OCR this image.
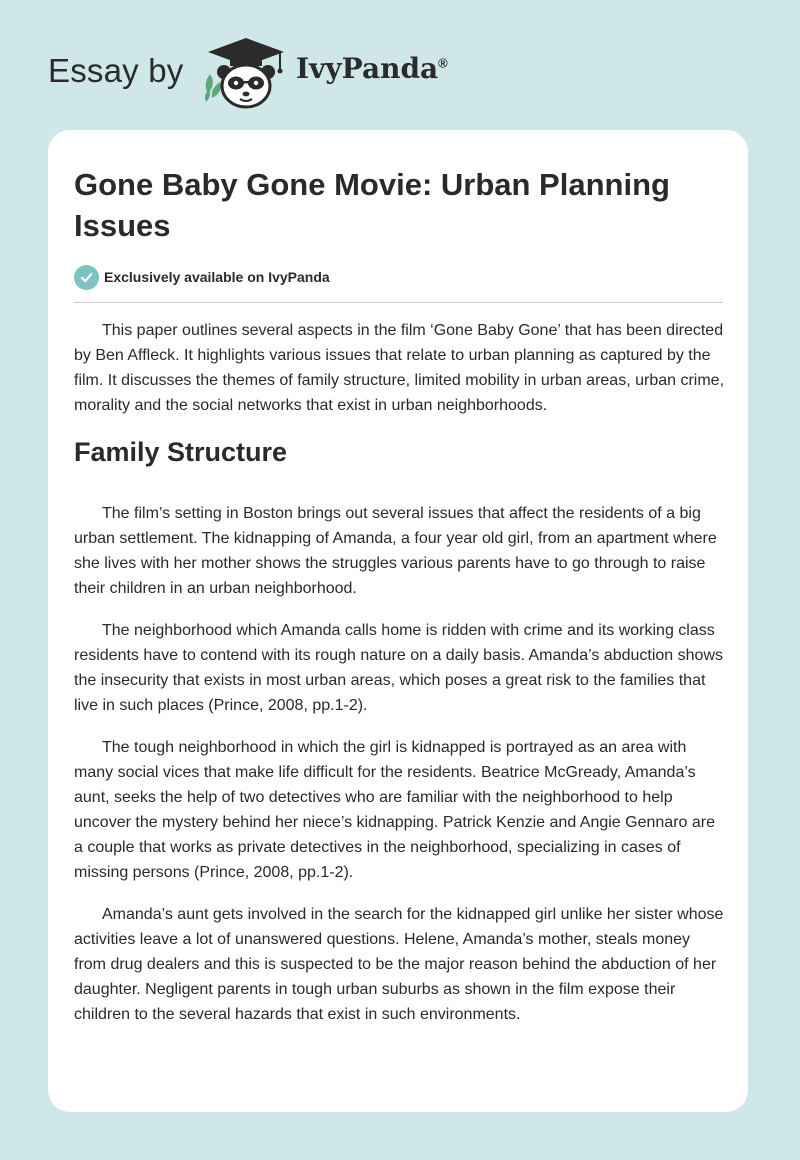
Essay by	IvyPanda®
Gone Baby Gone Movie: Urban Planning Issues
Exclusively available on IvyPanda

This paper outlines several aspects in the film ‘Gone Baby Gone’ that has been directed by Ben Affleck. It highlights various issues that relate to urban planning as captured by the film. It discusses the themes of family structure, limited mobility in urban areas, urban crime, morality and the social networks that exist in urban neighborhoods.

Family Structure

The film’s setting in Boston brings out several issues that affect the residents of a big urban settlement. The kidnapping of Amanda, a four year old girl, from an apartment where she lives with her mother shows the struggles various parents have to go through to raise their children in an urban neighborhood.

The neighborhood which Amanda calls home is ridden with crime and its working class residents have to contend with its rough nature on a daily basis. Amanda’s abduction shows the insecurity that exists in most urban areas, which poses a great risk to the families that live in such places (Prince, 2008, pp.1-2).

The tough neighborhood in which the girl is kidnapped is portrayed as an area with many social vices that make life difficult for the residents. Beatrice McGready, Amanda’s aunt, seeks the help of two detectives who are familiar with the neighborhood to help uncover the mystery behind her niece’s kidnapping. Patrick Kenzie and Angie Gennaro are a couple that works as private detectives in the neighborhood, specializing in cases of missing persons (Prince, 2008, pp.1-2).

Amanda’s aunt gets involved in the search for the kidnapped girl unlike her sister whose activities leave a lot of unanswered questions. Helene, Amanda’s mother, steals money from drug dealers and this is suspected to be the major reason behind the abduction of her daughter. Negligent parents in tough urban suburbs as shown in the film expose their children to the several hazards that exist in such environments.
